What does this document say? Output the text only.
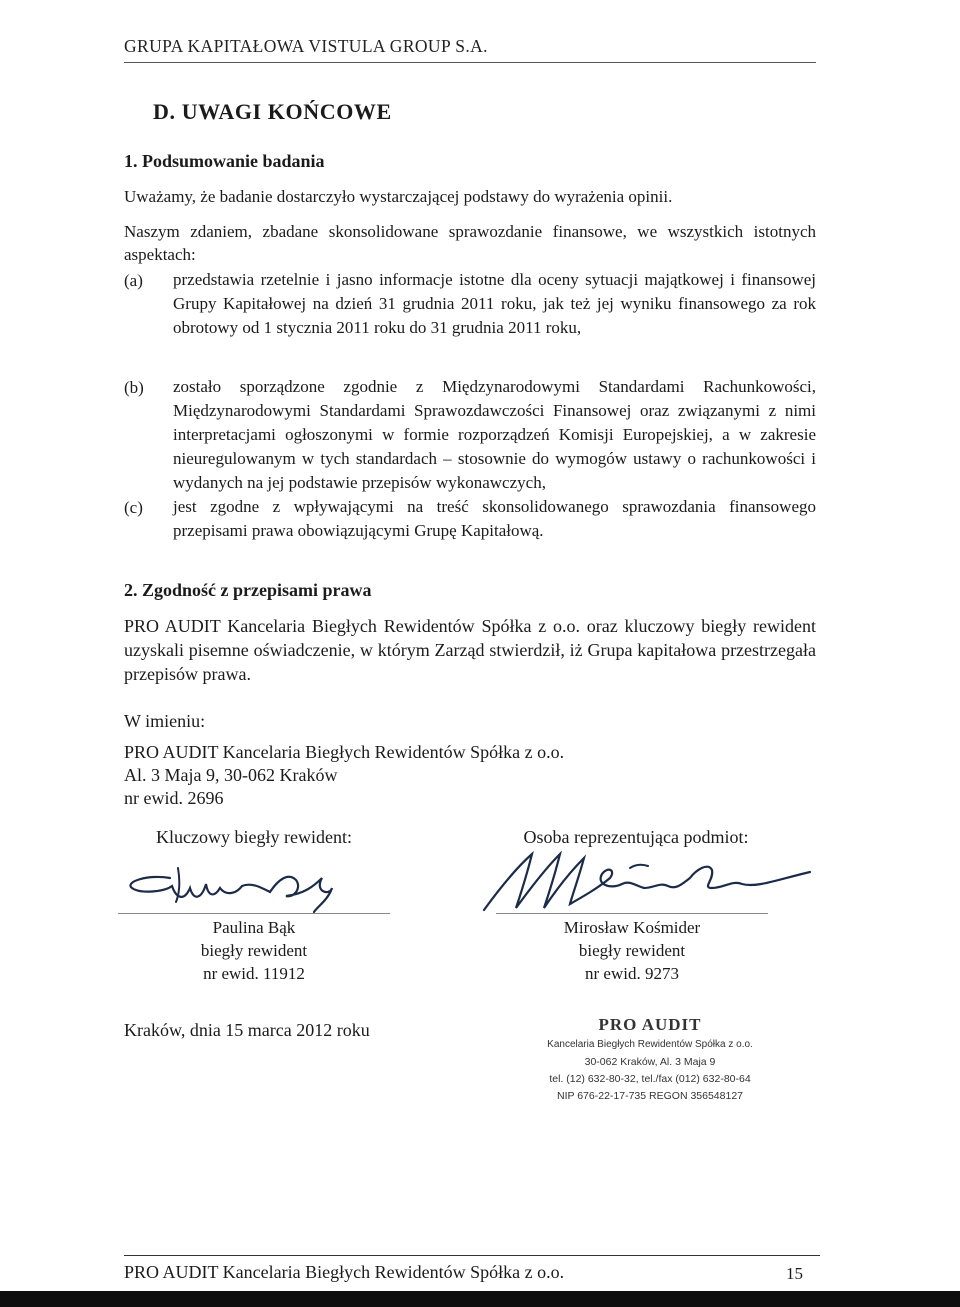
GRUPA KAPITAŁOWA VISTULA GROUP S.A.
D. UWAGI KOŃCOWE
1. Podsumowanie badania
Uważamy, że badanie dostarczyło wystarczającej podstawy do wyrażenia opinii.
Naszym zdaniem, zbadane skonsolidowane sprawozdanie finansowe, we wszystkich istotnych aspektach:
(a) przedstawia rzetelnie i jasno informacje istotne dla oceny sytuacji majątkowej i finansowej Grupy Kapitałowej na dzień 31 grudnia 2011 roku, jak też jej wyniku finansowego za rok obrotowy od 1 stycznia 2011 roku do 31 grudnia 2011 roku,
(b) zostało sporządzone zgodnie z Międzynarodowymi Standardami Rachunkowości, Międzynarodowymi Standardami Sprawozdawczości Finansowej oraz związanymi z nimi interpretacjami ogłoszonymi w formie rozporządzeń Komisji Europejskiej, a w zakresie nieuregulowanym w tych standardach – stosownie do wymogów ustawy o rachunkowości i wydanych na jej podstawie przepisów wykonawczych,
(c) jest zgodne z wpływającymi na treść skonsolidowanego sprawozdania finansowego przepisami prawa obowiązującymi Grupę Kapitałową.
2. Zgodność z przepisami prawa
PRO AUDIT Kancelaria Biegłych Rewidentów Spółka z o.o. oraz kluczowy biegły rewident uzyskali pisemne oświadczenie, w którym Zarząd stwierdził, iż Grupa kapitałowa przestrzegała przepisów prawa.
W imieniu:
PRO AUDIT Kancelaria Biegłych Rewidentów Spółka z o.o.
Al. 3 Maja 9, 30-062 Kraków
nr ewid. 2696
Kluczowy biegły rewident:
Paulina Bąk
biegły rewident
nr ewid. 11912
Osoba reprezentująca podmiot:
Mirosław Kośmider
biegły rewident
nr ewid. 9273
Kraków, dnia 15 marca 2012 roku	PRO AUDIT
Kancelaria Biegłych Rewidentów Spółka z o.o.
30-062 Kraków, Al. 3 Maja 9
tel. (12) 632-80-32, tel./fax (012) 632-80-64
NIP 676-22-17-735 REGON 356548127
PRO AUDIT Kancelaria Biegłych Rewidentów Spółka z o.o.	15
